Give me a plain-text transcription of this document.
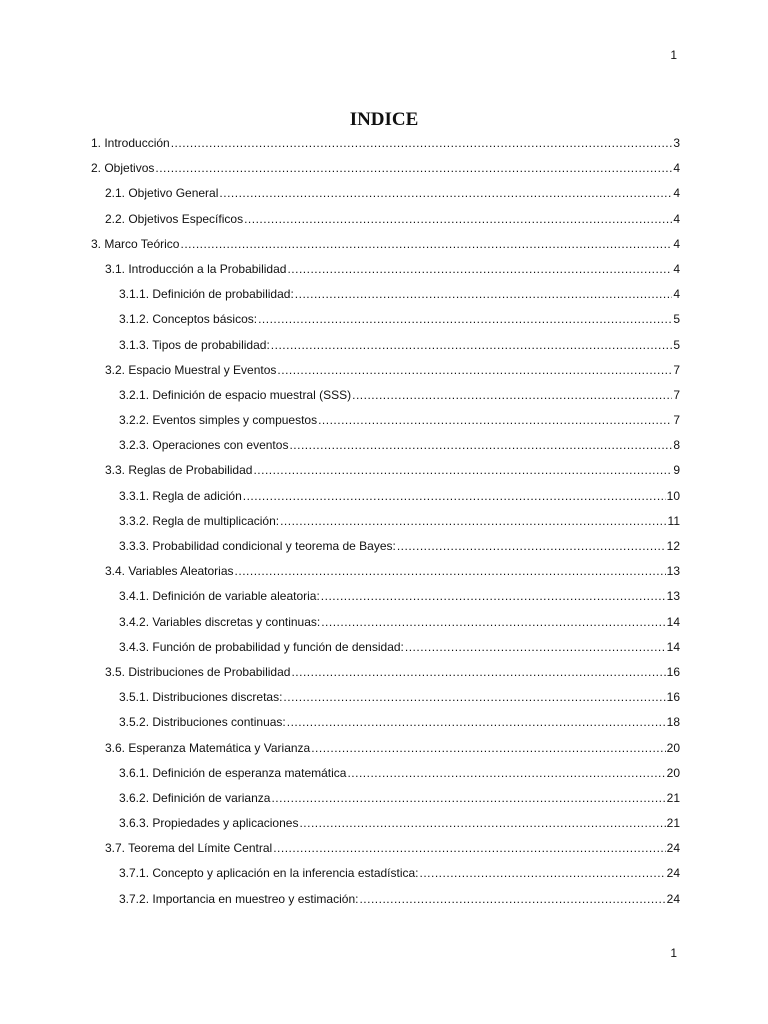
1
INDICE
1. Introducción .....	3
2. Objetivos .....	4
2.1. Objetivo General .....	4
2.2. Objetivos Específicos .....	4
3. Marco Teórico .....	4
3.1. Introducción a la Probabilidad .....	4
3.1.1. Definición de probabilidad: .....	4
3.1.2. Conceptos básicos: .....	5
3.1.3. Tipos de probabilidad: .....	5
3.2. Espacio Muestral y Eventos .....	7
3.2.1. Definición de espacio muestral (SSS) .....	7
3.2.2. Eventos simples y compuestos .....	7
3.2.3. Operaciones con eventos .....	8
3.3. Reglas de Probabilidad .....	9
3.3.1. Regla de adición .....	10
3.3.2. Regla de multiplicación: .....	11
3.3.3. Probabilidad condicional y teorema de Bayes: .....	12
3.4. Variables Aleatorias .....	13
3.4.1. Definición de variable aleatoria: .....	13
3.4.2. Variables discretas y continuas: .....	14
3.4.3. Función de probabilidad y función de densidad: .....	14
3.5. Distribuciones de Probabilidad .....	16
3.5.1. Distribuciones discretas: .....	16
3.5.2. Distribuciones continuas: .....	18
3.6. Esperanza Matemática y Varianza .....	20
3.6.1. Definición de esperanza matemática .....	20
3.6.2. Definición de varianza .....	21
3.6.3. Propiedades y aplicaciones .....	21
3.7. Teorema del Límite Central .....	24
3.7.1. Concepto y aplicación en la inferencia estadística: .....	24
3.7.2. Importancia en muestreo y estimación: .....	24
1
